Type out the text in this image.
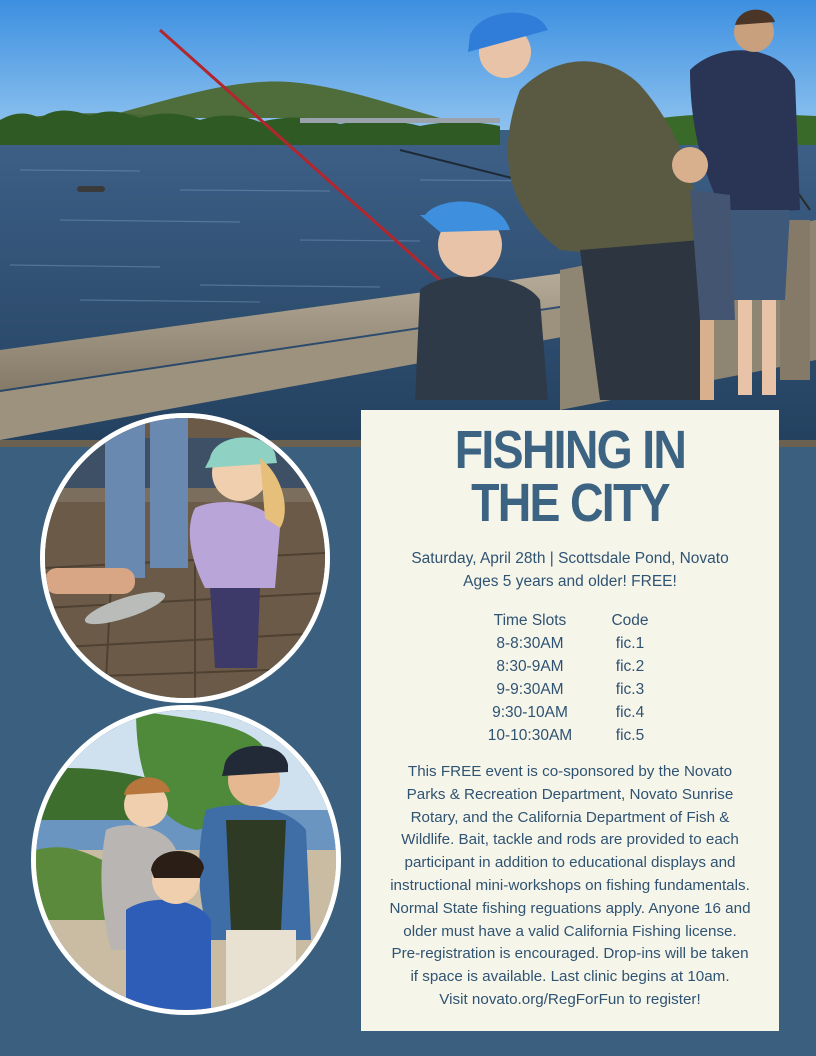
FISHING IN
THE CITY
Saturday, April 28th | Scottsdale Pond, Novato
Ages 5 years and older! FREE!
Time Slots	Code
8-8:30AM	fic.1
8:30-9AM	fic.2
9-9:30AM	fic.3
9:30-10AM	fic.4
10-10:30AM	fic.5

This FREE event is co-sponsored by the Novato

Parks & Recreation Department, Novato Sunrise

Rotary, and the California Department of Fish &

Wildlife. Bait, tackle and rods are provided to each

participant in addition to educational displays and

instructional mini-workshops on fishing fundamentals.

Normal State fishing reguations apply. Anyone 16 and

older must have a valid California Fishing license.

Pre-registration is encouraged. Drop-ins will be taken

if space is available. Last clinic begins at 10am.

Visit novato.org/RegForFun to register!
